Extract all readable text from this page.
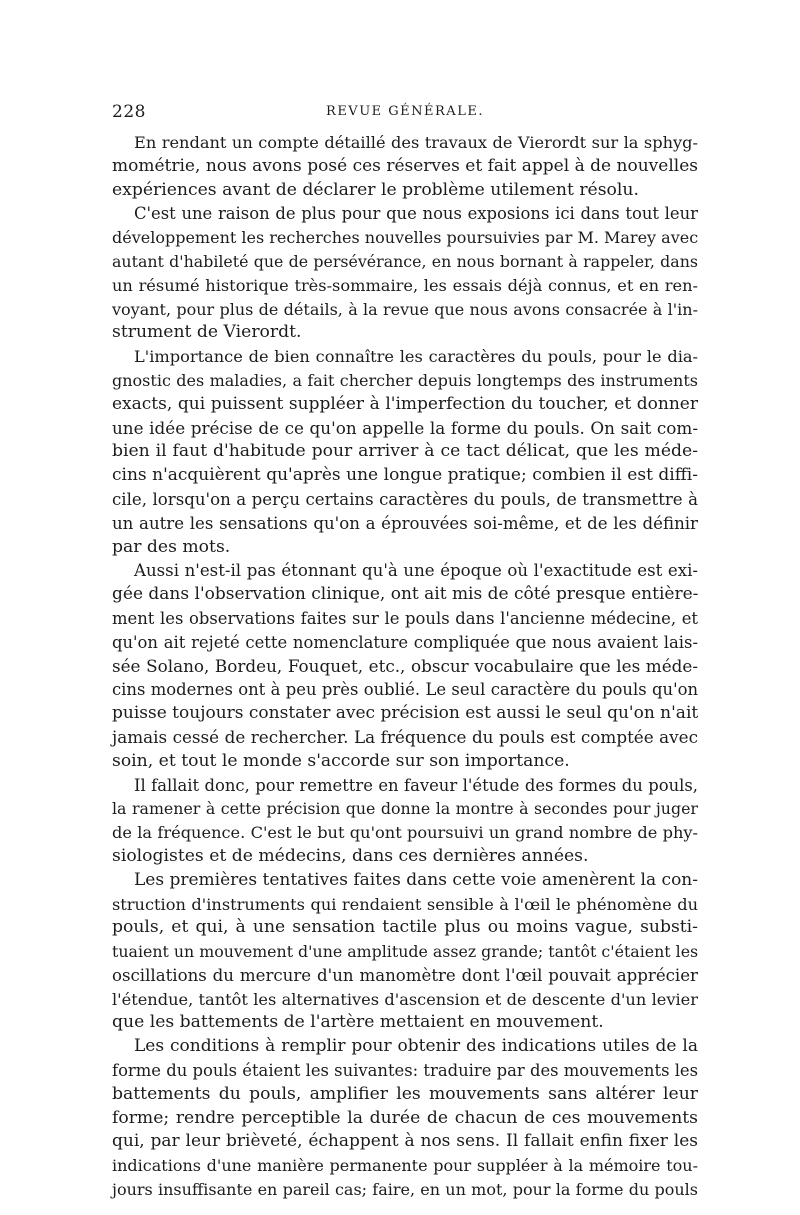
228	REVUE GÉNÉRALE.

En rendant un compte détaillé des travaux de Vierordt sur la sphyg-
mométrie, nous avons posé ces réserves et fait appel à de nouvelles
expériences avant de déclarer le problème utilement résolu.

C'est une raison de plus pour que nous exposions ici dans tout leur
développement les recherches nouvelles poursuivies par M. Marey avec
autant d'habileté que de persévérance, en nous bornant à rappeler, dans
un résumé historique très-sommaire, les essais déjà connus, et en ren-
voyant, pour plus de détails, à la revue que nous avons consacrée à l'in-
strument de Vierordt.

L'importance de bien connaître les caractères du pouls, pour le dia-
gnostic des maladies, a fait chercher depuis longtemps des instruments
exacts, qui puissent suppléer à l'imperfection du toucher, et donner
une idée précise de ce qu'on appelle la forme du pouls. On sait com-
bien il faut d'habitude pour arriver à ce tact délicat, que les méde-
cins n'acquièrent qu'après une longue pratique; combien il est diffi-
cile, lorsqu'on a perçu certains caractères du pouls, de transmettre à
un autre les sensations qu'on a éprouvées soi-même, et de les définir
par des mots.

Aussi n'est-il pas étonnant qu'à une époque où l'exactitude est exi-
gée dans l'observation clinique, ont ait mis de côté presque entière-
ment les observations faites sur le pouls dans l'ancienne médecine, et
qu'on ait rejeté cette nomenclature compliquée que nous avaient lais-
sée Solano, Bordeu, Fouquet, etc., obscur vocabulaire que les méde-
cins modernes ont à peu près oublié. Le seul caractère du pouls qu'on
puisse toujours constater avec précision est aussi le seul qu'on n'ait
jamais cessé de rechercher. La fréquence du pouls est comptée avec
soin, et tout le monde s'accorde sur son importance.

Il fallait donc, pour remettre en faveur l'étude des formes du pouls,
la ramener à cette précision que donne la montre à secondes pour juger
de la fréquence. C'est le but qu'ont poursuivi un grand nombre de phy-
siologistes et de médecins, dans ces dernières années.

Les premières tentatives faites dans cette voie amenèrent la con-
struction d'instruments qui rendaient sensible à l'œil le phénomène du
pouls, et qui, à une sensation tactile plus ou moins vague, substi-
tuaient un mouvement d'une amplitude assez grande; tantôt c'étaient les
oscillations du mercure d'un manomètre dont l'œil pouvait apprécier
l'étendue, tantôt les alternatives d'ascension et de descente d'un levier
que les battements de l'artère mettaient en mouvement.

Les conditions à remplir pour obtenir des indications utiles de la
forme du pouls étaient les suivantes: traduire par des mouvements les
battements du pouls, amplifier les mouvements sans altérer leur
forme; rendre perceptible la durée de chacun de ces mouvements
qui, par leur brièveté, échappent à nos sens. Il fallait enfin fixer les
indications d'une manière permanente pour suppléer à la mémoire tou-
jours insuffisante en pareil cas; faire, en un mot, pour la forme du pouls
